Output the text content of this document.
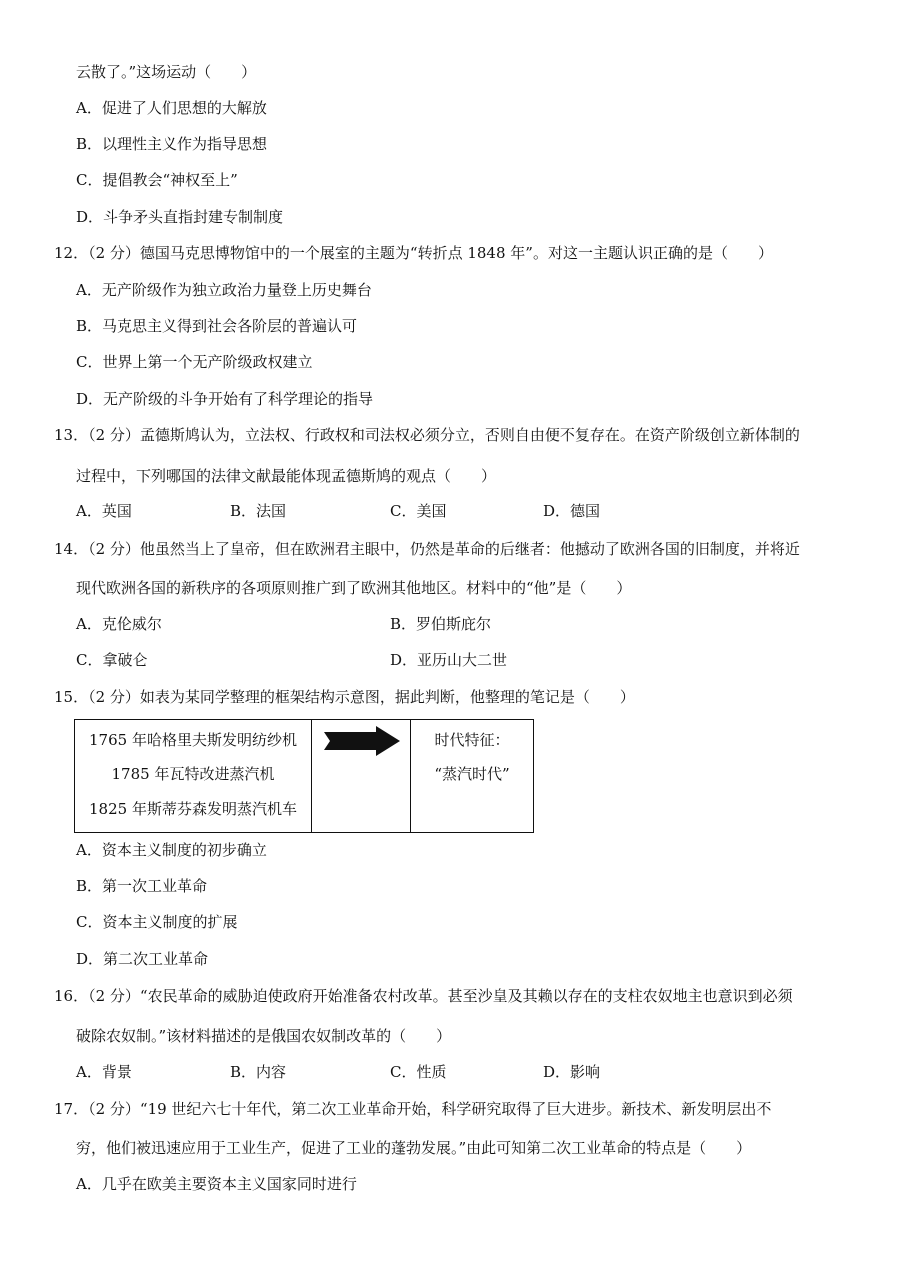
云散了。”这场运动（　　）
A．促进了人们思想的大解放
B．以理性主义作为指导思想
C．提倡教会“神权至上”
D．斗争矛头直指封建专制制度
12．（2 分）德国马克思博物馆中的一个展室的主题为“转折点 1848 年”。对这一主题认识正确的是（　　）
A．无产阶级作为独立政治力量登上历史舞台
B．马克思主义得到社会各阶层的普遍认可
C．世界上第一个无产阶级政权建立
D．无产阶级的斗争开始有了科学理论的指导
13．（2 分）孟德斯鸠认为，立法权、行政权和司法权必须分立，否则自由便不复存在。在资产阶级创立新体制的
过程中，下列哪国的法律文献最能体现孟德斯鸠的观点（　　）
A．英国	B．法国	C．美国	D．德国
14．（2 分）他虽然当上了皇帝，但在欧洲君主眼中，仍然是革命的后继者：他撼动了欧洲各国的旧制度，并将近
现代欧洲各国的新秩序的各项原则推广到了欧洲其他地区。材料中的“他”是（　　）
A．克伦威尔	B．罗伯斯庇尔
C．拿破仑	D．亚历山大二世
15．（2 分）如表为某同学整理的框架结构示意图，据此判断，他整理的笔记是（　　）
1765 年哈格里夫斯发明纺纱机
1785 年瓦特改进蒸汽机
1825 年斯蒂芬森发明蒸汽机车
时代特征：
“蒸汽时代”
A．资本主义制度的初步确立
B．第一次工业革命
C．资本主义制度的扩展
D．第二次工业革命
16．（2 分）“农民革命的威胁迫使政府开始准备农村改革。甚至沙皇及其赖以存在的支柱农奴地主也意识到必须
破除农奴制。”该材料描述的是俄国农奴制改革的（　　）
A．背景	B．内容	C．性质	D．影响
17．（2 分）“19 世纪六七十年代，第二次工业革命开始，科学研究取得了巨大进步。新技术、新发明层出不
穷，他们被迅速应用于工业生产，促进了工业的蓬勃发展。”由此可知第二次工业革命的特点是（　　）
A．几乎在欧美主要资本主义国家同时进行
